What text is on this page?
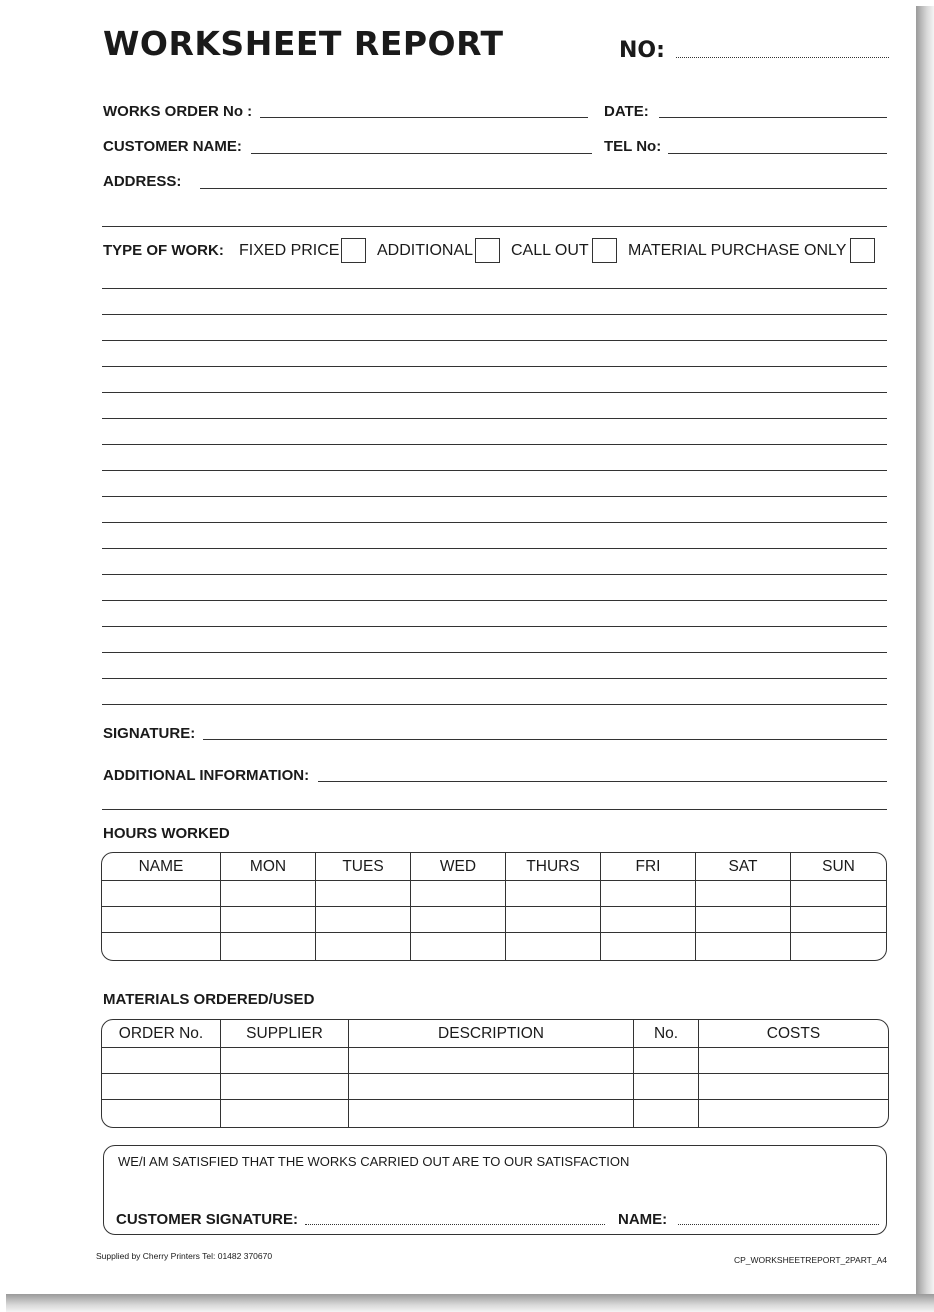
WORKSHEET REPORT	NO:
WORKS ORDER No :	DATE:
CUSTOMER NAME:	TEL No:
ADDRESS:
TYPE OF WORK: FIXED PRICE ADDITIONAL CALL OUT MATERIAL PURCHASE ONLY
SIGNATURE:
ADDITIONAL INFORMATION:
HOURS WORKED
NAME	MON	TUES	WED	THURS	FRI	SAT	SUN

MATERIALS ORDERED/USED
ORDER No.	SUPPLIER	DESCRIPTION	No.	COSTS

WE/I AM SATISFIED THAT THE WORKS CARRIED OUT ARE TO OUR SATISFACTION
CUSTOMER SIGNATURE:	NAME:
Supplied by Cherry Printers Tel: 01482 370670	CP_WORKSHEETREPORT_2PART_A4
